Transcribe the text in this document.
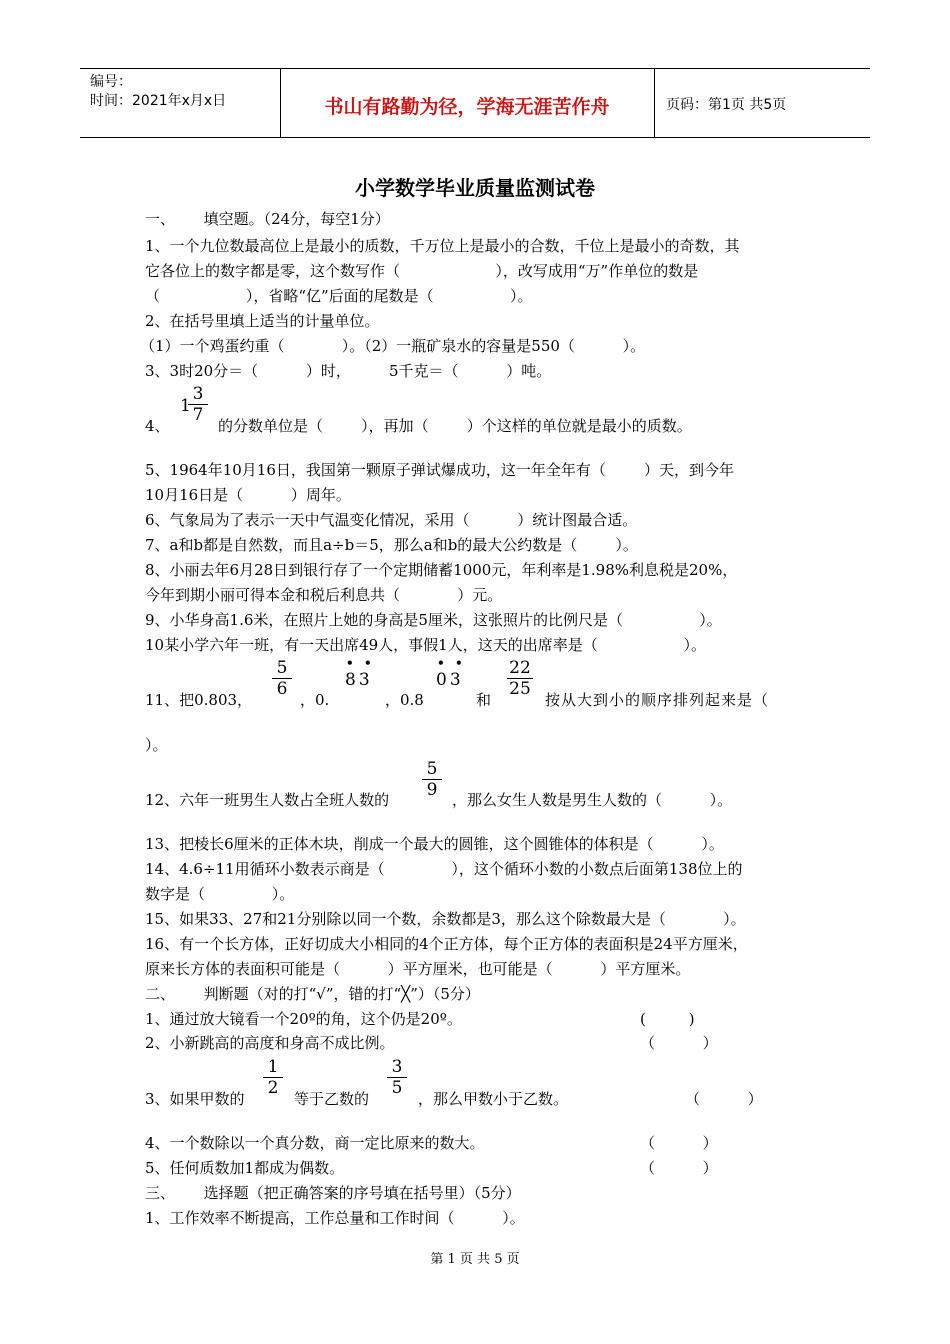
编号：
时间：2021年x月x日	书山有路勤为径，学海无涯苦作舟	页码：第1页 共5页
小学数学毕业质量监测试卷
一、      填空题。（24分，每空1分）
1、一个九位数最高位上是最小的质数，千万位上是最小的合数，千位上是最小的奇数，其
它各位上的数字都是零，这个数写作（                    ），改写成用“万”作单位的数是
（                  ），省略“亿”后面的尾数是（                ）。
2、在括号里填上适当的计量单位。
（1）一个鸡蛋约重（            ）。（2）一瓶矿泉水的容量是550（          ）。
3、3时20分＝（          ）时，        5千克＝（          ）吨。
1
3
7
4、	的分数单位是（        ），再加（        ）个这样的单位就是最小的质数。
5、1964年10月16日，我国第一颗原子弹试爆成功，这一年全年有（        ）天，到今年
10月16日是（          ）周年。
6、气象局为了表示一天中气温变化情况，采用（          ）统计图最合适。
7、a和b都是自然数，而且a÷b＝5，那么a和b的最大公约数是（        ）。
8、小丽去年6月28日到银行存了一个定期储蓄1000元，年利率是1.98%利息税是20%，
今年到期小丽可得本金和税后利息共（            ）元。
9、小华身高1.6米，在照片上她的身高是5厘米，这张照片的比例尺是（                ）。
10某小学六年一班，有一天出席49人，事假1人，这天的出席率是（                  ）。
11、把0.803，
5
6
，0.
• •
83
，0.8
• •
03
和
22
25
按从大到小的顺序排列起来是（
）。
12、六年一班男生人数占全班人数的
5
9 ，那么女生人数是男生人数的（          ）。
13、把棱长6厘米的正体木块，削成一个最大的圆锥，这个圆锥体的体积是（          ）。
14、4.6÷11用循环小数表示商是（              ），这个循环小数的小数点后面第138位上的
数字是（              ）。
15、如果33、27和21分别除以同一个数，余数都是3，那么这个除数最大是（            ）。
16、有一个长方体，正好切成大小相同的4个正方体，每个正方体的表面积是24平方厘米，
原来长方体的表面积可能是（          ）平方厘米，也可能是（          ）平方厘米。
二、      判断题（对的打“√”，错的打“╳”）（5分）
1、通过放大镜看一个20º的角，这个仍是20º。	(         )
2、小新跳高的高度和身高不成比例。	（          ）
3、如果甲数的
1
2
等于乙数的
3
5
，那么甲数小于乙数。	（          ）
4、一个数除以一个真分数，商一定比原来的数大。	（          ）
5、任何质数加1都成为偶数。	（          ）
三、      选择题（把正确答案的序号填在括号里）（5分）
1、工作效率不断提高，工作总量和工作时间（          ）。
第 1 页 共 5 页
